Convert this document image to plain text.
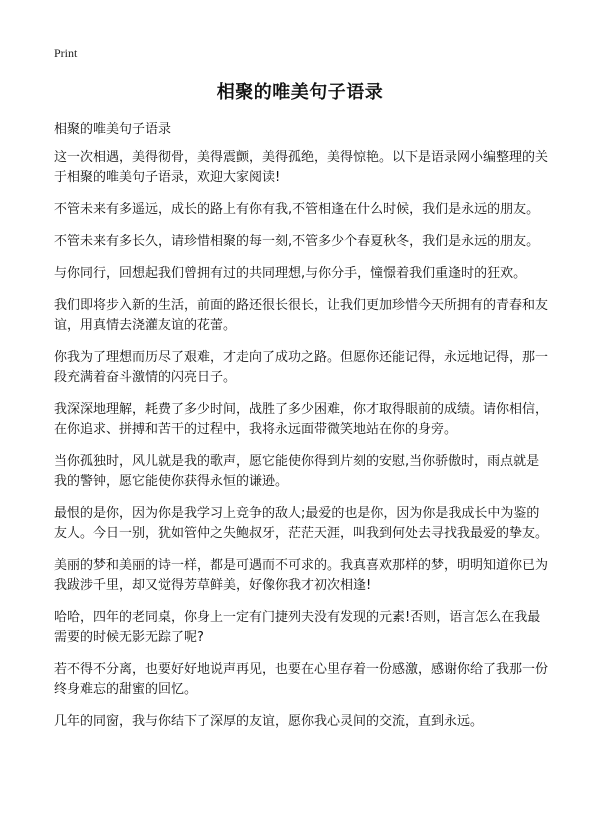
Print
相聚的唯美句子语录

相聚的唯美句子语录

这一次相遇，美得彻骨，美得震颤，美得孤绝，美得惊艳。以下是语录网小编整理的关于相聚的唯美句子语录，欢迎大家阅读!

不管未来有多遥远，成长的路上有你有我,不管相逢在什么时候，我们是永远的朋友。

不管未来有多长久，请珍惜相聚的每一刻,不管多少个春夏秋冬，我们是永远的朋友。

与你同行，回想起我们曾拥有过的共同理想,与你分手，憧憬着我们重逢时的狂欢。

我们即将步入新的生活，前面的路还很长很长，让我们更加珍惜今天所拥有的青春和友谊，用真情去浇灌友谊的花蕾。

你我为了理想而历尽了艰难，才走向了成功之路。但愿你还能记得，永远地记得，那一段充满着奋斗激情的闪亮日子。

我深深地理解，耗费了多少时间，战胜了多少困难，你才取得眼前的成绩。请你相信，在你追求、拼搏和苦干的过程中，我将永远面带微笑地站在你的身旁。

当你孤独时，风儿就是我的歌声，愿它能使你得到片刻的安慰,当你骄傲时，雨点就是我的警钟，愿它能使你获得永恒的谦逊。

最恨的是你，因为你是我学习上竞争的敌人;最爱的也是你，因为你是我成长中为鉴的友人。今日一别，犹如管仲之失鲍叔牙，茫茫天涯，叫我到何处去寻找我最爱的挚友。

美丽的梦和美丽的诗一样，都是可遇而不可求的。我真喜欢那样的梦，明明知道你已为我跋涉千里，却又觉得芳草鲜美，好像你我才初次相逢!

哈哈，四年的老同桌，你身上一定有门捷列夫没有发现的元素!否则，语言怎么在我最需要的时候无影无踪了呢?

若不得不分离，也要好好地说声再见，也要在心里存着一份感激，感谢你给了我那一份终身难忘的甜蜜的回忆。

几年的同窗，我与你结下了深厚的友谊，愿你我心灵间的交流，直到永远。
